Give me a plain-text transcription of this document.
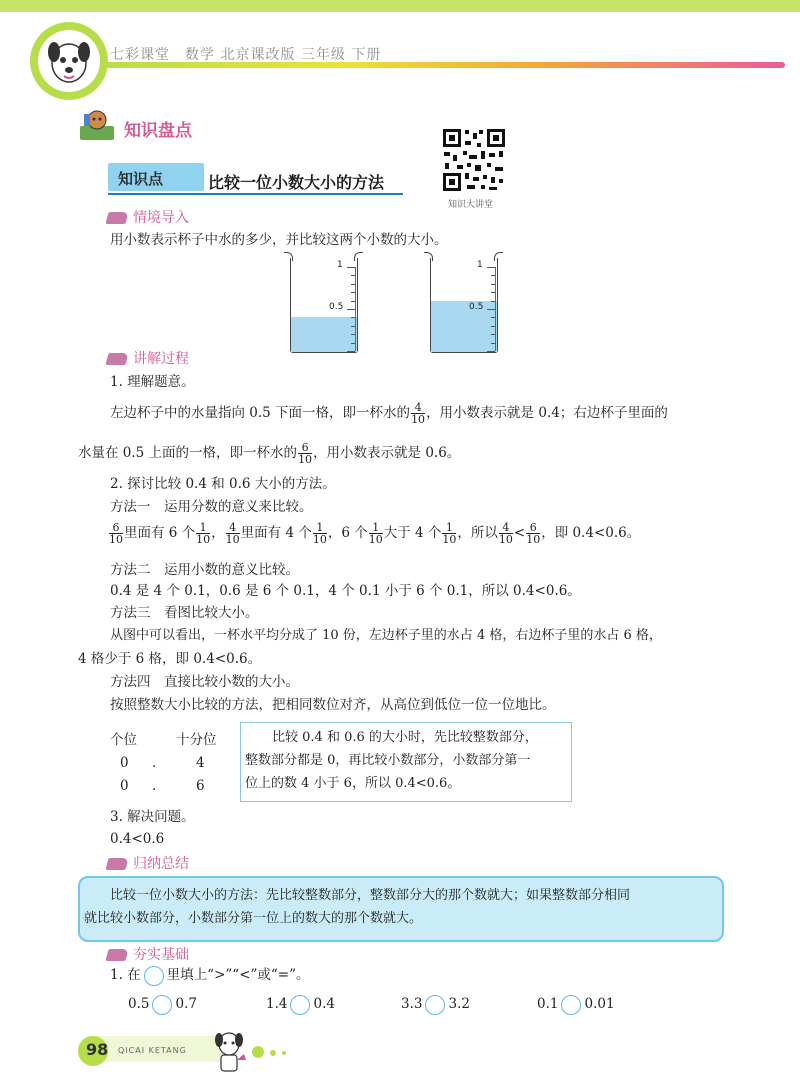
七彩课堂　数学 北京课改版 三年级 下册
知识盘点
知识点	比较一位小数大小的方法
知识大讲堂
情境导入
用小数表示杯子中水的多少，并比较这两个小数的大小。
1
0.5
1
0.5
讲解过程
1. 理解题意。
左边杯子中的水量指向 0.5 下面一格，即一杯水的 $\frac{4}{10}$ ，用小数表示就是 0.4；右边杯子里面的
水量在 0.5 上面的一格，即一杯水的 $\frac{6}{10}$ ，用小数表示就是 0.6。
2. 探讨比较 0.4 和 0.6 大小的方法。
方法一　运用分数的意义来比较。
$\frac{6}{10}$ 里面有 6 个 $\frac{1}{10}$ ， $\frac{4}{10}$ 里面有 4 个 $\frac{1}{10}$ ，6 个 $\frac{1}{10}$ 大于 4 个 $\frac{1}{10}$ ，所以 $\frac{4}{10} < \frac{6}{10}$ ，即 0.4<0.6。
方法二　运用小数的意义比较。
0.4 是 4 个 0.1，0.6 是 6 个 0.1，4 个 0.1 小于 6 个 0.1，所以 0.4<0.6。
方法三　看图比较大小。
从图中可以看出，一杯水平均分成了 10 份，左边杯子里的水占 4 格，右边杯子里的水占 6 格，
4 格少于 6 格，即 0.4<0.6。
方法四　直接比较小数的大小。
按照整数大小比较的方法，把相同数位对齐，从高位到低位一位一位地比。
个位	十分位
0 .	4
0 .	6
比较 0.4 和 0.6 的大小时，先比较整数部分，
整数部分都是 0，再比较小数部分，小数部分第一
位上的数 4 小于 6，所以 0.4<0.6。
3. 解决问题。
0.4<0.6
归纳总结
比较一位小数大小的方法：先比较整数部分，整数部分大的那个数就大；如果整数部分相同
就比较小数部分，小数部分第一位上的数大的那个数就大。
夯实基础
1. 在 里填上“>”“<”或“=”。
0.5 0.7	1.4 0.4	3.3 3.2	0.1 0.01
98 QICAI KETANG
